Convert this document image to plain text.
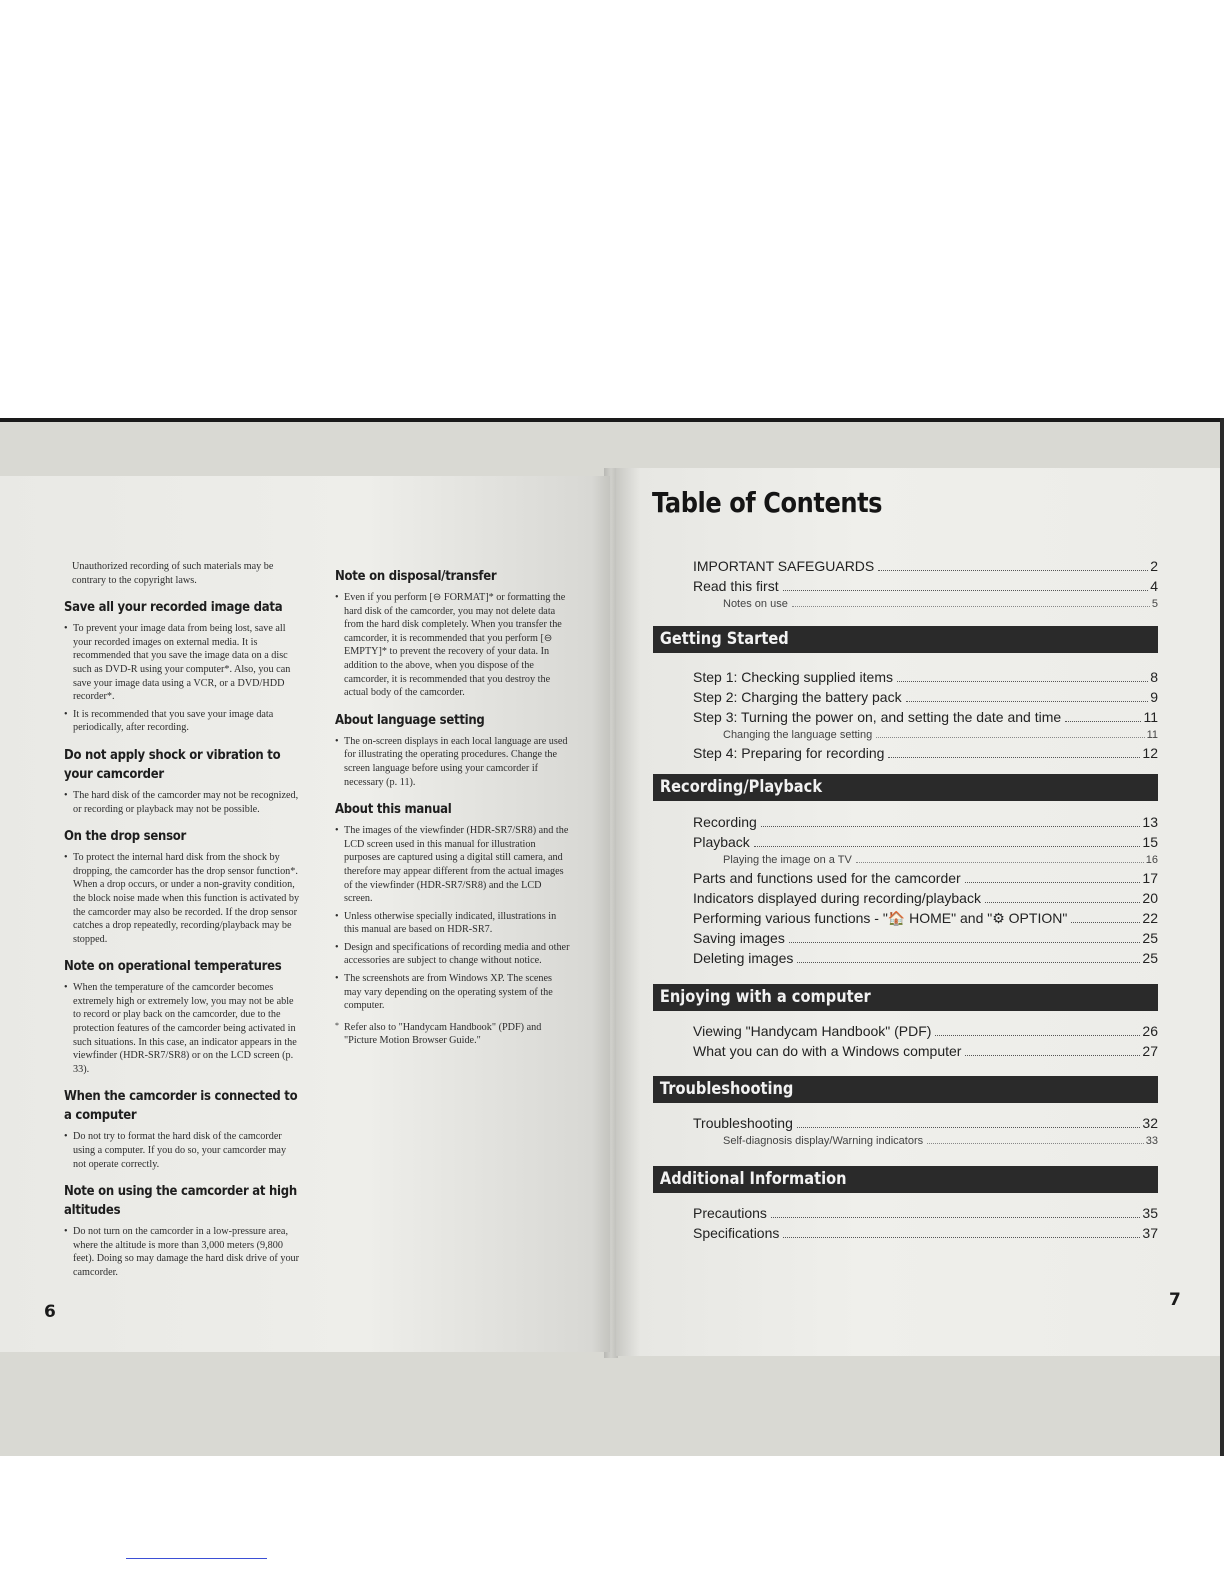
Unauthorized recording of such materials may be contrary to the copyright laws.

Save all your recorded image data
• To prevent your image data from being lost, save all your recorded images on external media. It is recommended that you save the image data on a disc such as DVD-R using your computer*. Also, you can save your image data using a VCR, or a DVD/HDD recorder*.
• It is recommended that you save your image data periodically, after recording.
Do not apply shock or vibration to your camcorder
• The hard disk of the camcorder may not be recognized, or recording or playback may not be possible.
On the drop sensor
• To protect the internal hard disk from the shock by dropping, the camcorder has the drop sensor function*. When a drop occurs, or under a non-gravity condition, the block noise made when this function is activated by the camcorder may also be recorded. If the drop sensor catches a drop repeatedly, recording/playback may be stopped.
Note on operational temperatures
• When the temperature of the camcorder becomes extremely high or extremely low, you may not be able to record or play back on the camcorder, due to the protection features of the camcorder being activated in such situations. In this case, an indicator appears in the viewfinder (HDR-SR7/SR8) or on the LCD screen (p. 33).
When the camcorder is connected to a computer
• Do not try to format the hard disk of the camcorder using a computer. If you do so, your camcorder may not operate correctly.
Note on using the camcorder at high altitudes
• Do not turn on the camcorder in a low-pressure area, where the altitude is more than 3,000 meters (9,800 feet). Doing so may damage the hard disk drive of your camcorder.
Note on disposal/transfer
• Even if you perform [⊖ FORMAT]* or formatting the hard disk of the camcorder, you may not delete data from the hard disk completely. When you transfer the camcorder, it is recommended that you perform [⊖ EMPTY]* to prevent the recovery of your data. In addition to the above, when you dispose of the camcorder, it is recommended that you destroy the actual body of the camcorder.
About language setting
• The on-screen displays in each local language are used for illustrating the operating procedures. Change the screen language before using your camcorder if necessary (p. 11).
About this manual
• The images of the viewfinder (HDR-SR7/SR8) and the LCD screen used in this manual for illustration purposes are captured using a digital still camera, and therefore may appear different from the actual images of the viewfinder (HDR-SR7/SR8) and the LCD screen.
• Unless otherwise specially indicated, illustrations in this manual are based on HDR-SR7.
• Design and specifications of recording media and other accessories are subject to change without notice.
• The screenshots are from Windows XP. The scenes may vary depending on the operating system of the computer.
* Refer also to "Handycam Handbook" (PDF) and "Picture Motion Browser Guide."
6
Table of Contents
IMPORTANT SAFEGUARDS	2
Read this first	4
Notes on use	5
Getting Started
Step 1: Checking supplied items	8
Step 2: Charging the battery pack	9
Step 3: Turning the power on, and setting the date and time	11
Changing the language setting	11
Step 4: Preparing for recording	12
Recording/Playback
Recording	13
Playback	15
Playing the image on a TV	16
Parts and functions used for the camcorder	17
Indicators displayed during recording/playback	20
Performing various functions - "🏠 HOME" and "⚙ OPTION"	22
Saving images	25
Deleting images	25
Enjoying with a computer
Viewing "Handycam Handbook" (PDF)	26
What you can do with a Windows computer	27
Troubleshooting
Troubleshooting	32
Self-diagnosis display/Warning indicators	33
Additional Information
Precautions	35
Specifications	37
7
